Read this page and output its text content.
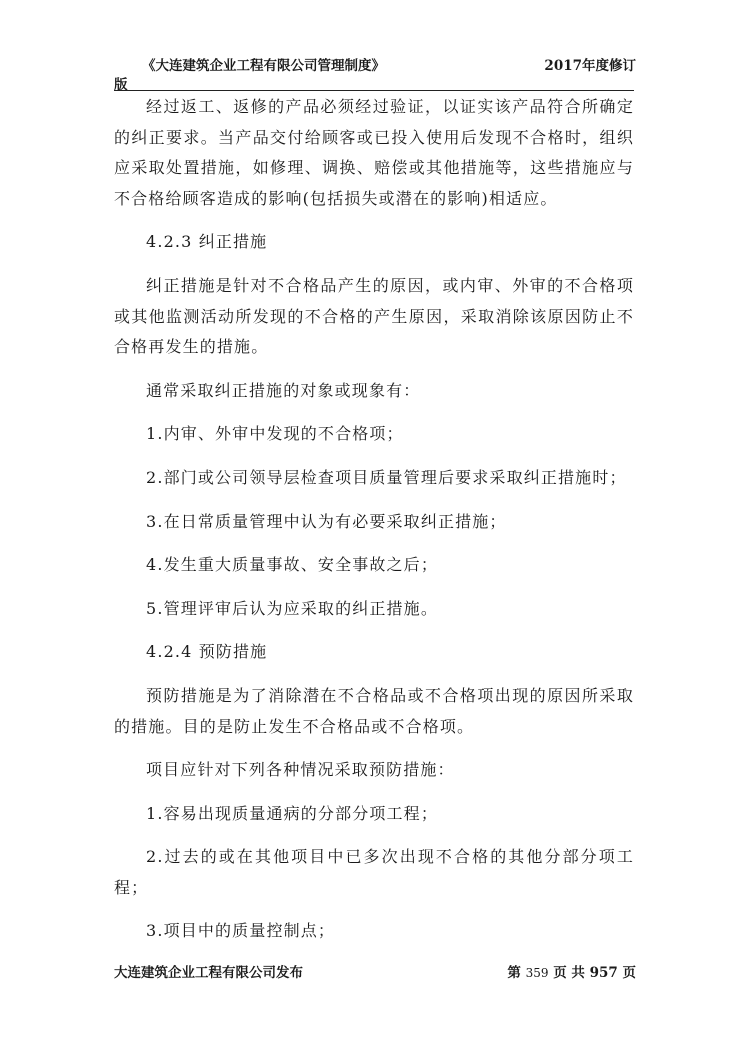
《大连建筑企业工程有限公司管理制度》	2017年度修订
版

经过返工、返修的产品必须经过验证，以证实该产品符合所确定的纠正要求。当产品交付给顾客或已投入使用后发现不合格时，组织应采取处置措施，如修理、调换、赔偿或其他措施等，这些措施应与不合格给顾客造成的影响(包括损失或潜在的影响)相适应。

4.2.3 纠正措施

纠正措施是针对不合格品产生的原因，或内审、外审的不合格项或其他监测活动所发现的不合格的产生原因，采取消除该原因防止不合格再发生的措施。

通常采取纠正措施的对象或现象有：

1.内审、外审中发现的不合格项；

2.部门或公司领导层检查项目质量管理后要求采取纠正措施时；

3.在日常质量管理中认为有必要采取纠正措施；

4.发生重大质量事故、安全事故之后；

5.管理评审后认为应采取的纠正措施。

4.2.4 预防措施

预防措施是为了消除潜在不合格品或不合格项出现的原因所采取的措施。目的是防止发生不合格品或不合格项。

项目应针对下列各种情况采取预防措施：

1.容易出现质量通病的分部分项工程；

2.过去的或在其他项目中已多次出现不合格的其他分部分项工程；

3.项目中的质量控制点；

大连建筑企业工程有限公司发布	第 359 页 共 957 页
